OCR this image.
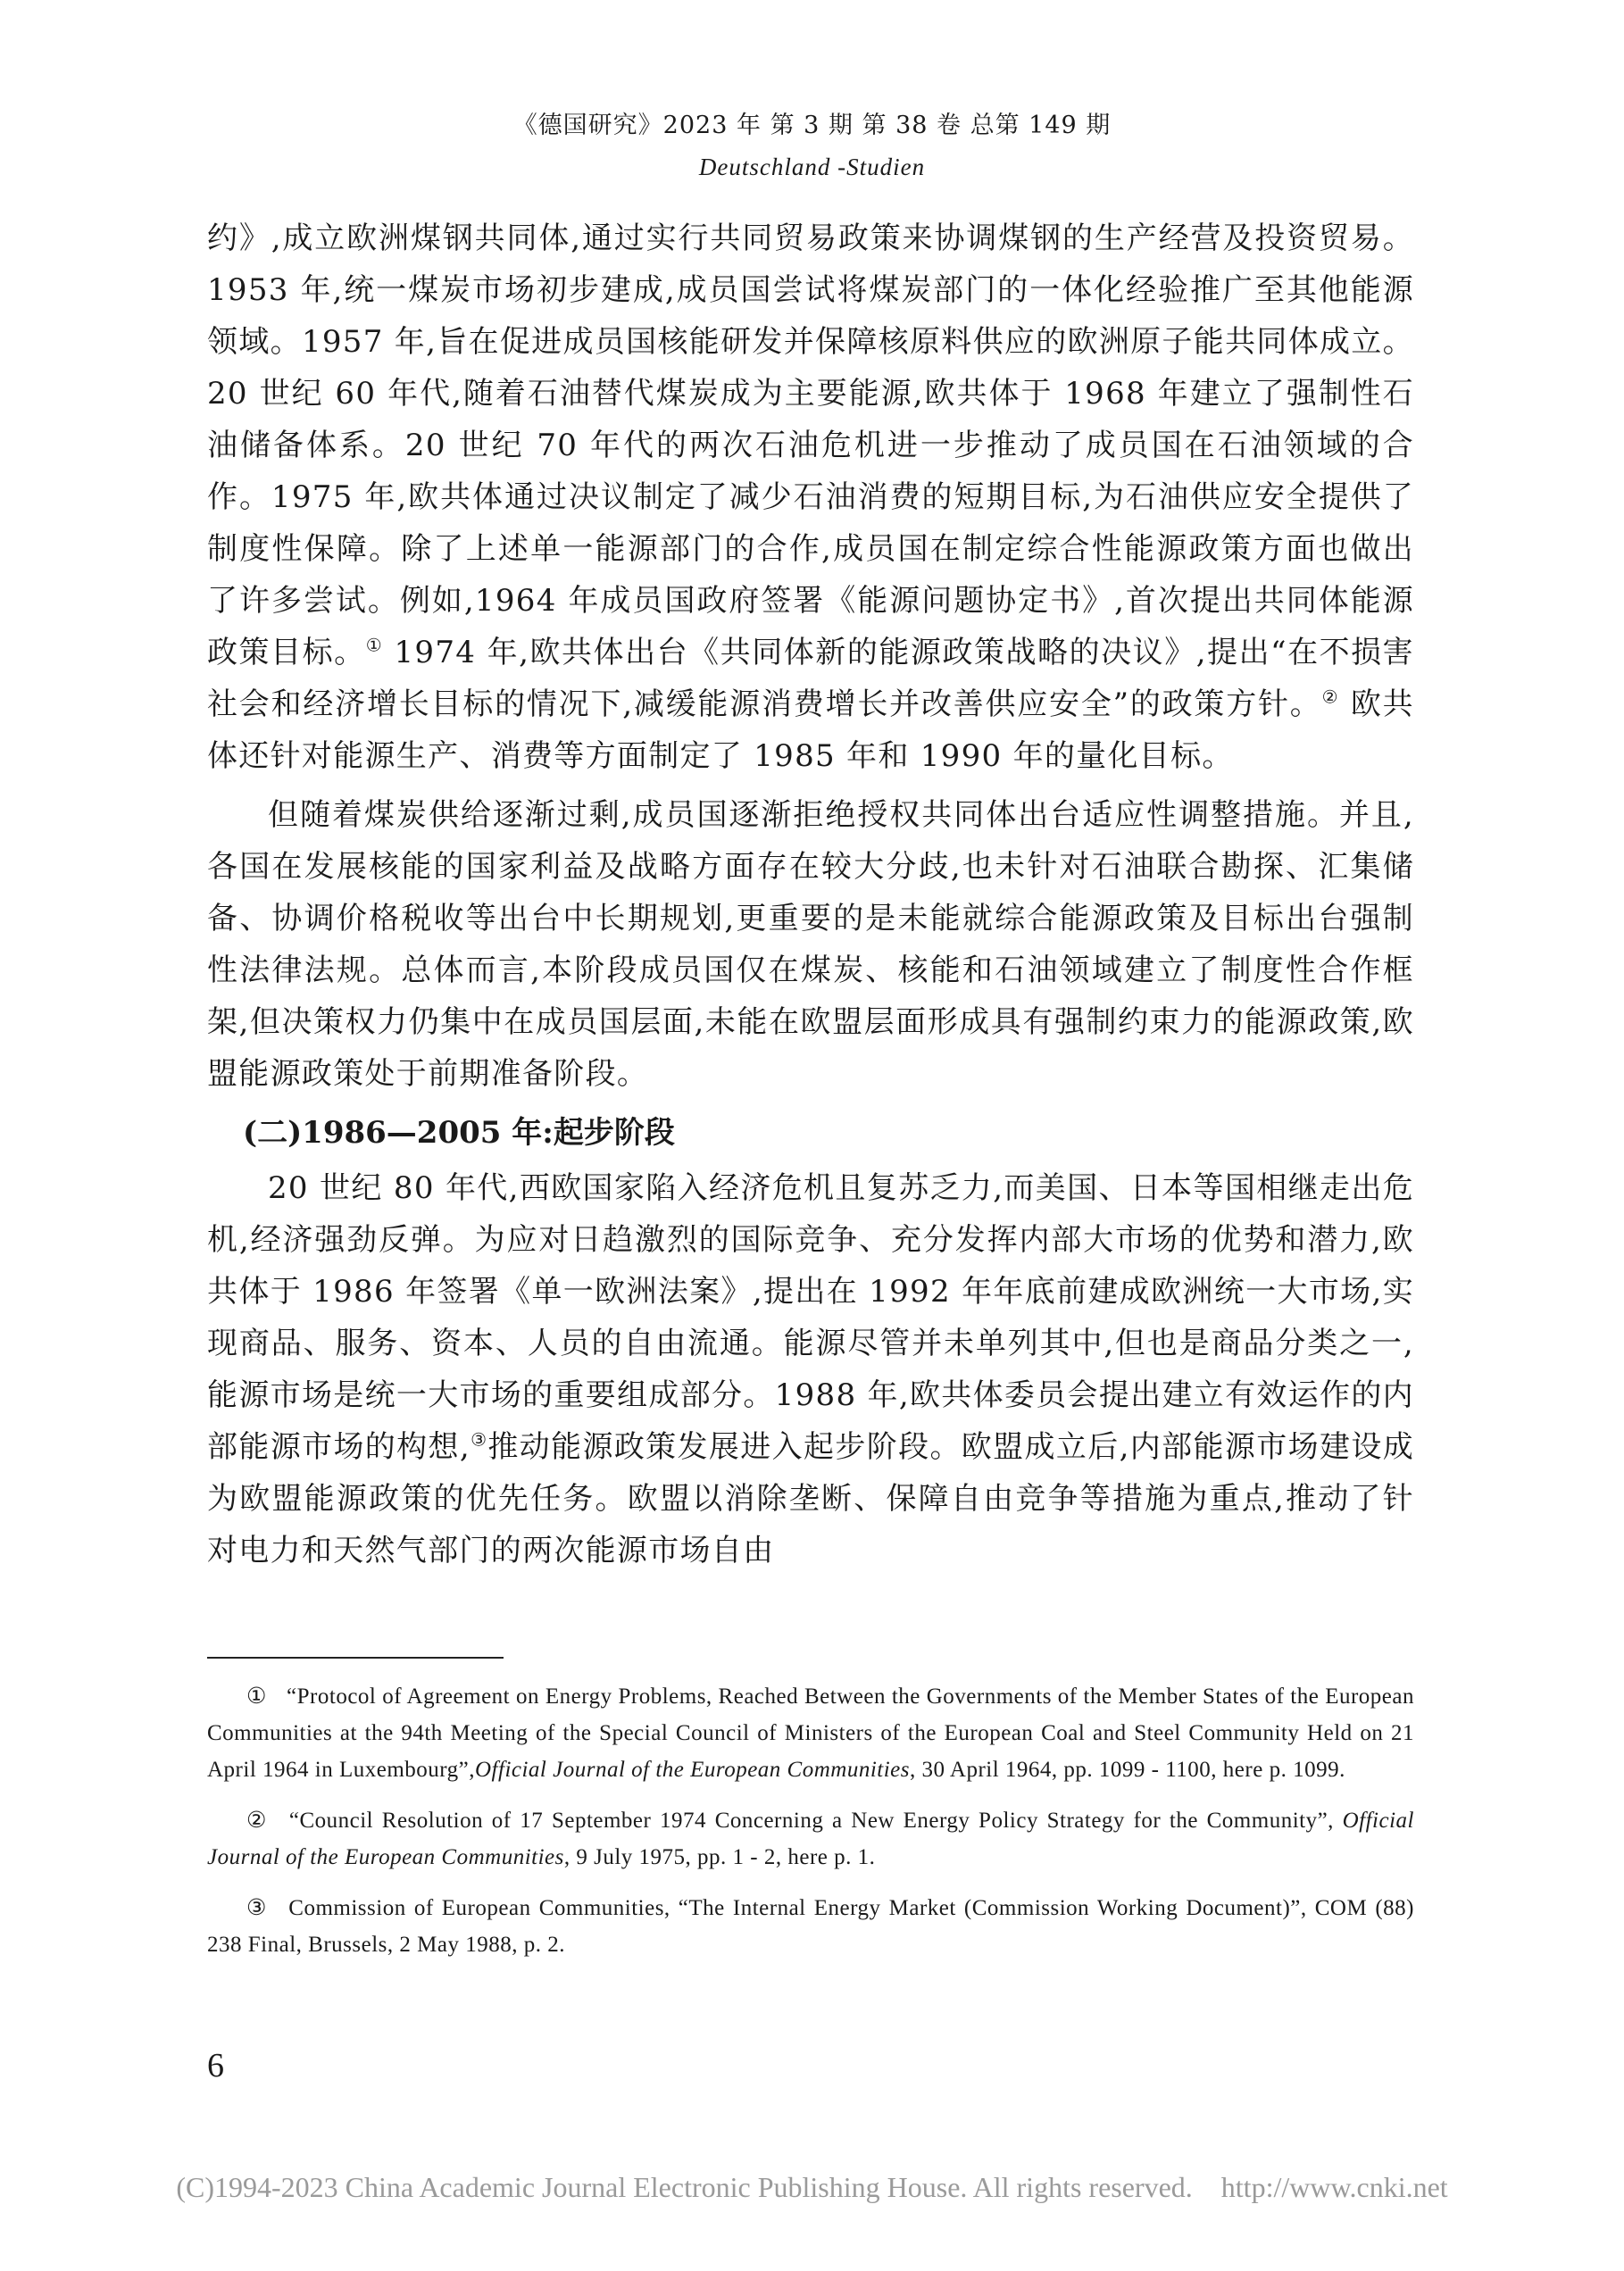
《德国研究》2023 年 第 3 期 第 38 卷 总第 149 期
Deutschland -Studien

约》,成立欧洲煤钢共同体,通过实行共同贸易政策来协调煤钢的生产经营及投资贸易。1953 年,统一煤炭市场初步建成,成员国尝试将煤炭部门的一体化经验推广至其他能源领域。1957 年,旨在促进成员国核能研发并保障核原料供应的欧洲原子能共同体成立。20 世纪 60 年代,随着石油替代煤炭成为主要能源,欧共体于 1968 年建立了强制性石油储备体系。20 世纪 70 年代的两次石油危机进一步推动了成员国在石油领域的合作。1975 年,欧共体通过决议制定了减少石油消费的短期目标,为石油供应安全提供了制度性保障。除了上述单一能源部门的合作,成员国在制定综合性能源政策方面也做出了许多尝试。例如,1964 年成员国政府签署《能源问题协定书》,首次提出共同体能源政策目标。① 1974 年,欧共体出台《共同体新的能源政策战略的决议》,提出“在不损害社会和经济增长目标的情况下,减缓能源消费增长并改善供应安全”的政策方针。② 欧共体还针对能源生产、消费等方面制定了 1985 年和 1990 年的量化目标。

但随着煤炭供给逐渐过剩,成员国逐渐拒绝授权共同体出台适应性调整措施。并且,各国在发展核能的国家利益及战略方面存在较大分歧,也未针对石油联合勘探、汇集储备、协调价格税收等出台中长期规划,更重要的是未能就综合能源政策及目标出台强制性法律法规。总体而言,本阶段成员国仅在煤炭、核能和石油领域建立了制度性合作框架,但决策权力仍集中在成员国层面,未能在欧盟层面形成具有强制约束力的能源政策,欧盟能源政策处于前期准备阶段。

(二)1986—2005 年:起步阶段

20 世纪 80 年代,西欧国家陷入经济危机且复苏乏力,而美国、日本等国相继走出危机,经济强劲反弹。为应对日趋激烈的国际竞争、充分发挥内部大市场的优势和潜力,欧共体于 1986 年签署《单一欧洲法案》,提出在 1992 年年底前建成欧洲统一大市场,实现商品、服务、资本、人员的自由流通。能源尽管并未单列其中,但也是商品分类之一,能源市场是统一大市场的重要组成部分。1988 年,欧共体委员会提出建立有效运作的内部能源市场的构想,③推动能源政策发展进入起步阶段。欧盟成立后,内部能源市场建设成为欧盟能源政策的优先任务。欧盟以消除垄断、保障自由竞争等措施为重点,推动了针对电力和天然气部门的两次能源市场自由

① “Protocol of Agreement on Energy Problems, Reached Between the Governments of the Member States of the European Communities at the 94th Meeting of the Special Council of Ministers of the European Coal and Steel Community Held on 21 April 1964 in Luxembourg”,Official Journal of the European Communities, 30 April 1964, pp. 1099 - 1100, here p. 1099.

② “Council Resolution of 17 September 1974 Concerning a New Energy Policy Strategy for the Community”, Official Journal of the European Communities, 9 July 1975, pp. 1 - 2, here p. 1.

③ Commission of European Communities, “The Internal Energy Market (Commission Working Document)”, COM (88) 238 Final, Brussels, 2 May 1988, p. 2.

6
(C)1994-2023 China Academic Journal Electronic Publishing House. All rights reserved.    http://www.cnki.net
